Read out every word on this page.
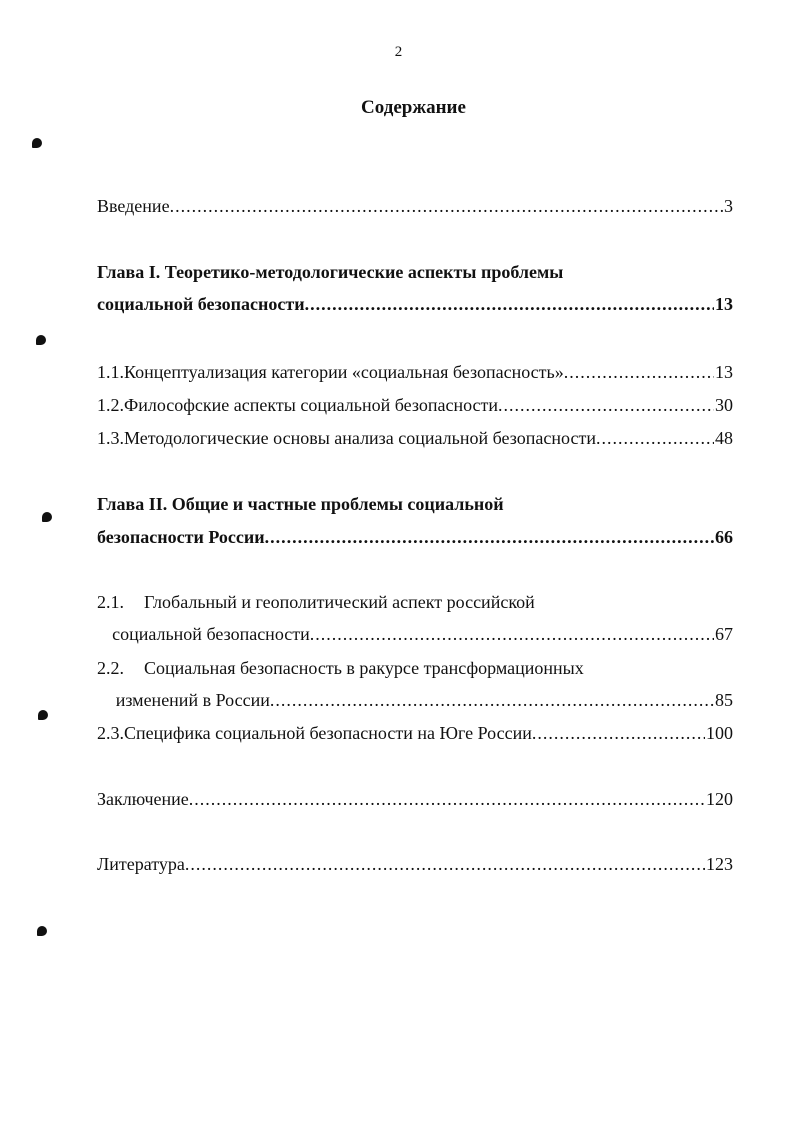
2
Содержание
Введение .....	3
Глава I. Теоретико-методологические аспекты проблемы
социальной безопасности .....	13
1.1. Концептуализация категории «социальная безопасность» .....	13
1.2. Философские аспекты социальной безопасности .....	30
1.3. Методологические основы анализа социальной безопасности .....	48
Глава II. Общие и частные проблемы социальной
безопасности России .....	66
2.1. Глобальный и геополитический аспект российской
социальной безопасности .....	67
2.2. Социальная безопасность в ракурсе трансформационных
изменений в России .....	85
2.3. Специфика социальной безопасности на Юге России .....	100
Заключение .....	120
Литература .....	123
